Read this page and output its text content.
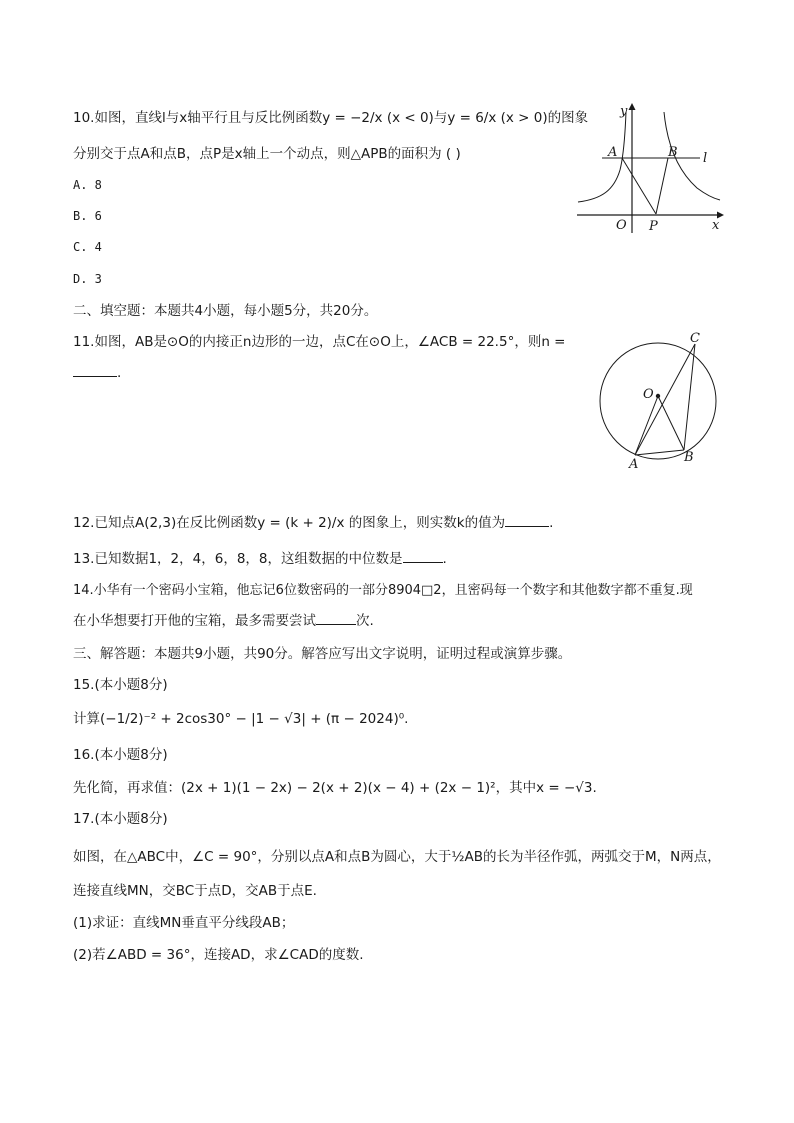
10.如图，直线l与x轴平行且与反比例函数y = −2/x (x < 0)与y = 6/x (x > 0)的图象
分别交于点A和点B，点P是x轴上一个动点，则△APB的面积为 ( )
A. 8
B. 6
C. 4
D. 3
y
x
A	B l
O P
二、填空题：本题共4小题，每小题5分，共20分。
11.如图，AB是⊙O的内接正n边形的一边，点C在⊙O上，∠ACB = 22.5°，则n =
.
C
O
A	B
12.已知点A(2,3)在反比例函数y = (k + 2)/x 的图象上，则实数k的值为	.
13.已知数据1，2，4，6，8，8，这组数据的中位数是	.
14.小华有一个密码小宝箱，他忘记6位数密码的一部分8904□2，且密码每一个数字和其他数字都不重复.现
在小华想要打开他的宝箱，最多需要尝试	次.
三、解答题：本题共9小题，共90分。解答应写出文字说明，证明过程或演算步骤。
15.(本小题8分)
计算(−1/2)⁻² + 2cos30° − |1 − √3| + (π − 2024)⁰.
16.(本小题8分)
先化简，再求值：(2x + 1)(1 − 2x) − 2(x + 2)(x − 4) + (2x − 1)²，其中x = −√3.
17.(本小题8分)
如图，在△ABC中，∠C = 90°，分别以点A和点B为圆心，大于½AB的长为半径作弧，两弧交于M，N两点，
连接直线MN，交BC于点D，交AB于点E.
(1)求证：直线MN垂直平分线段AB；
(2)若∠ABD = 36°，连接AD，求∠CAD的度数.
